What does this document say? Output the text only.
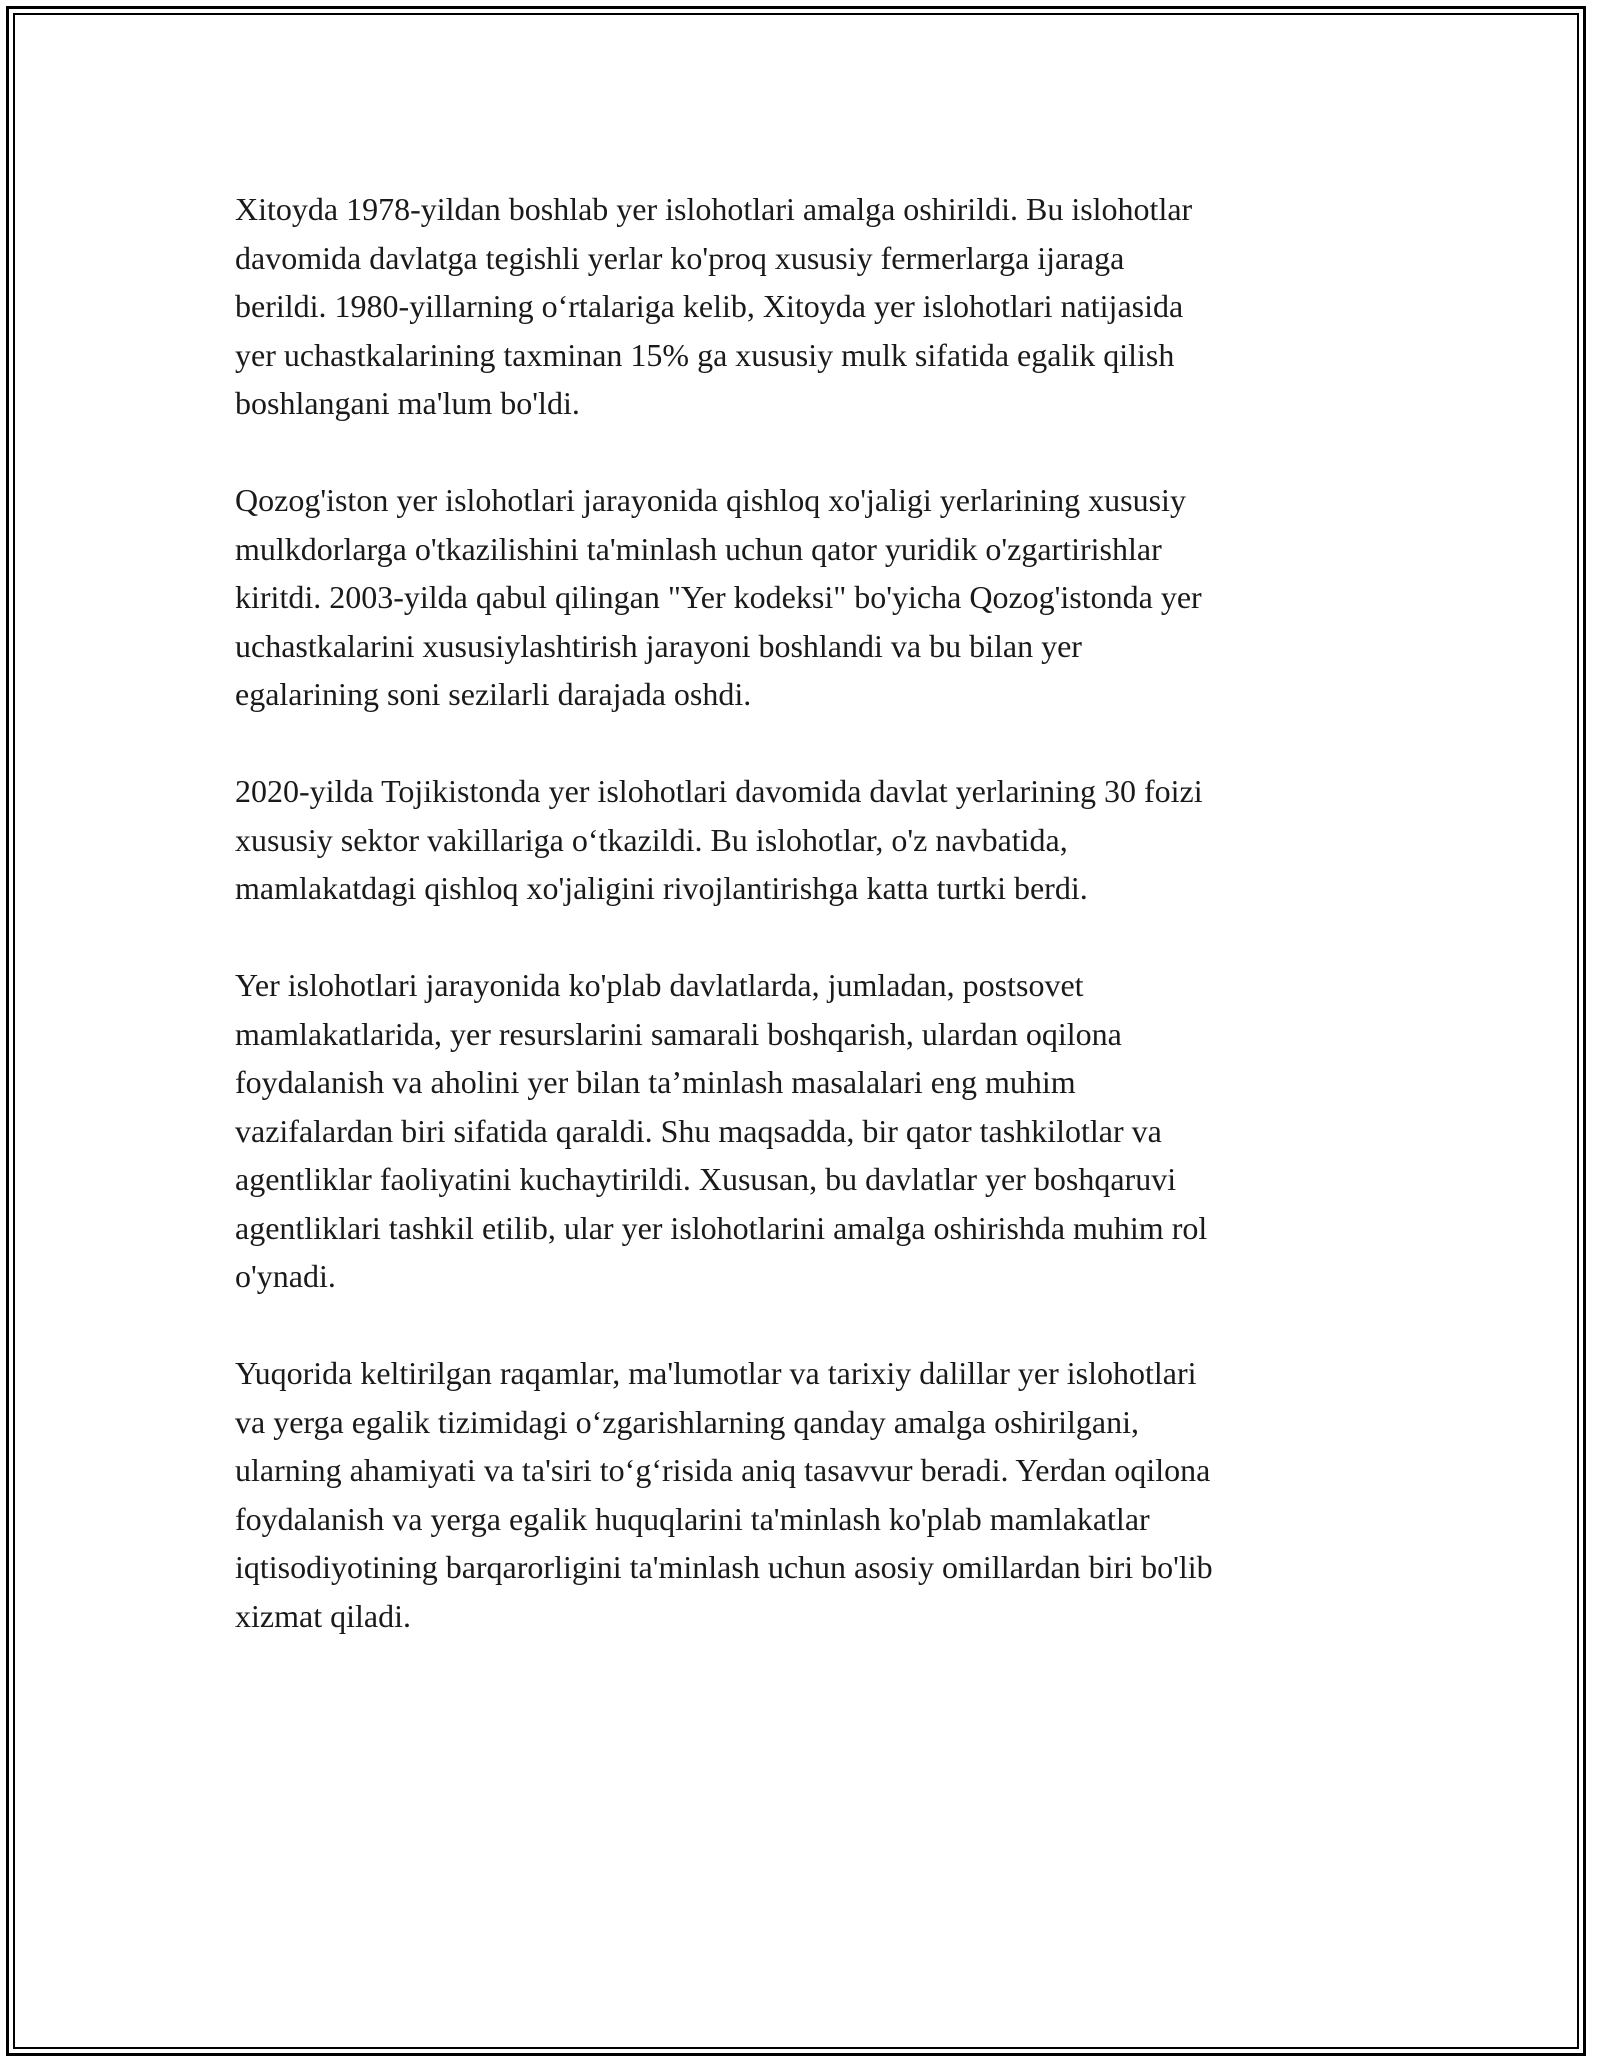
Xitoyda 1978-yildan boshlab yer islohotlari amalga oshirildi. Bu islohotlar
davomida davlatga tegishli yerlar ko'proq xususiy fermerlarga ijaraga
berildi. 1980-yillarning o‘rtalariga kelib, Xitoyda yer islohotlari natijasida
yer uchastkalarining taxminan 15% ga xususiy mulk sifatida egalik qilish
boshlangani ma'lum bo'ldi.

Qozog'iston yer islohotlari jarayonida qishloq xo'jaligi yerlarining xususiy
mulkdorlarga o'tkazilishini ta'minlash uchun qator yuridik o'zgartirishlar
kiritdi. 2003-yilda qabul qilingan "Yer kodeksi" bo'yicha Qozog'istonda yer
uchastkalarini xususiylashtirish jarayoni boshlandi va bu bilan yer
egalarining soni sezilarli darajada oshdi.

2020-yilda Tojikistonda yer islohotlari davomida davlat yerlarining 30 foizi
xususiy sektor vakillariga o‘tkazildi. Bu islohotlar, o'z navbatida,
mamlakatdagi qishloq xo'jaligini rivojlantirishga katta turtki berdi.

Yer islohotlari jarayonida ko'plab davlatlarda, jumladan, postsovet
mamlakatlarida, yer resurslarini samarali boshqarish, ulardan oqilona
foydalanish va aholini yer bilan ta’minlash masalalari eng muhim
vazifalardan biri sifatida qaraldi. Shu maqsadda, bir qator tashkilotlar va
agentliklar faoliyatini kuchaytirildi. Xususan, bu davlatlar yer boshqaruvi
agentliklari tashkil etilib, ular yer islohotlarini amalga oshirishda muhim rol
o'ynadi.

Yuqorida keltirilgan raqamlar, ma'lumotlar va tarixiy dalillar yer islohotlari
va yerga egalik tizimidagi o‘zgarishlarning qanday amalga oshirilgani,
ularning ahamiyati va ta'siri to‘g‘risida aniq tasavvur beradi. Yerdan oqilona
foydalanish va yerga egalik huquqlarini ta'minlash ko'plab mamlakatlar
iqtisodiyotining barqarorligini ta'minlash uchun asosiy omillardan biri bo'lib
xizmat qiladi.
